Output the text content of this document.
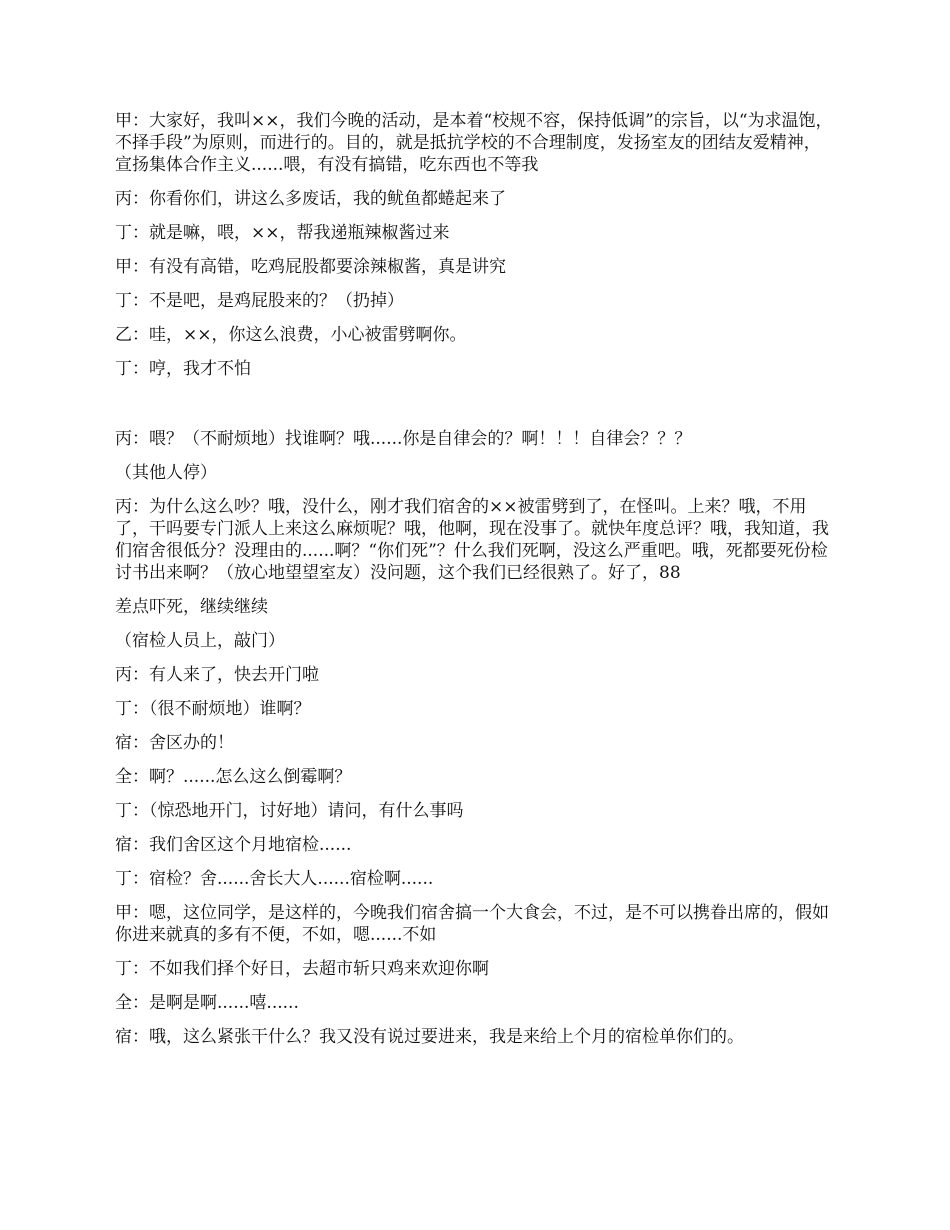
甲：大家好，我叫××，我们今晚的活动，是本着“校规不容，保持低调”的宗旨，以“为求温饱，不择手段”为原则，而进行的。目的，就是抵抗学校的不合理制度，发扬室友的团结友爱精神，宣扬集体合作主义......喂，有没有搞错，吃东西也不等我

丙：你看你们，讲这么多废话，我的鱿鱼都蜷起来了

丁：就是嘛，喂，××，帮我递瓶辣椒酱过来

甲：有没有高错，吃鸡屁股都要涂辣椒酱，真是讲究

丁：不是吧，是鸡屁股来的？（扔掉）

乙：哇，××，你这么浪费，小心被雷劈啊你。

丁：哼，我才不怕

丙：喂？（不耐烦地）找谁啊？哦......你是自律会的？啊！！！自律会？？？

（其他人停）

丙：为什么这么吵？哦，没什么，刚才我们宿舍的××被雷劈到了，在怪叫。上来？哦，不用了，干吗要专门派人上来这么麻烦呢？哦，他啊，现在没事了。就快年度总评？哦，我知道，我们宿舍很低分？没理由的......啊？“你们死”？什么我们死啊，没这么严重吧。哦，死都要死份检讨书出来啊？（放心地望望室友）没问题，这个我们已经很熟了。好了，88

差点吓死，继续继续

（宿检人员上，敲门）

丙：有人来了，快去开门啦

丁：（很不耐烦地）谁啊？

宿：舍区办的！

全：啊？......怎么这么倒霉啊？

丁：（惊恐地开门，讨好地）请问，有什么事吗

宿：我们舍区这个月地宿检......

丁：宿检？舍......舍长大人......宿检啊......

甲：嗯，这位同学，是这样的，今晚我们宿舍搞一个大食会，不过，是不可以携眷出席的，假如你进来就真的多有不便，不如，嗯......不如

丁：不如我们择个好日，去超市斩只鸡来欢迎你啊

全：是啊是啊......嘻......

宿：哦，这么紧张干什么？我又没有说过要进来，我是来给上个月的宿检单你们的。
